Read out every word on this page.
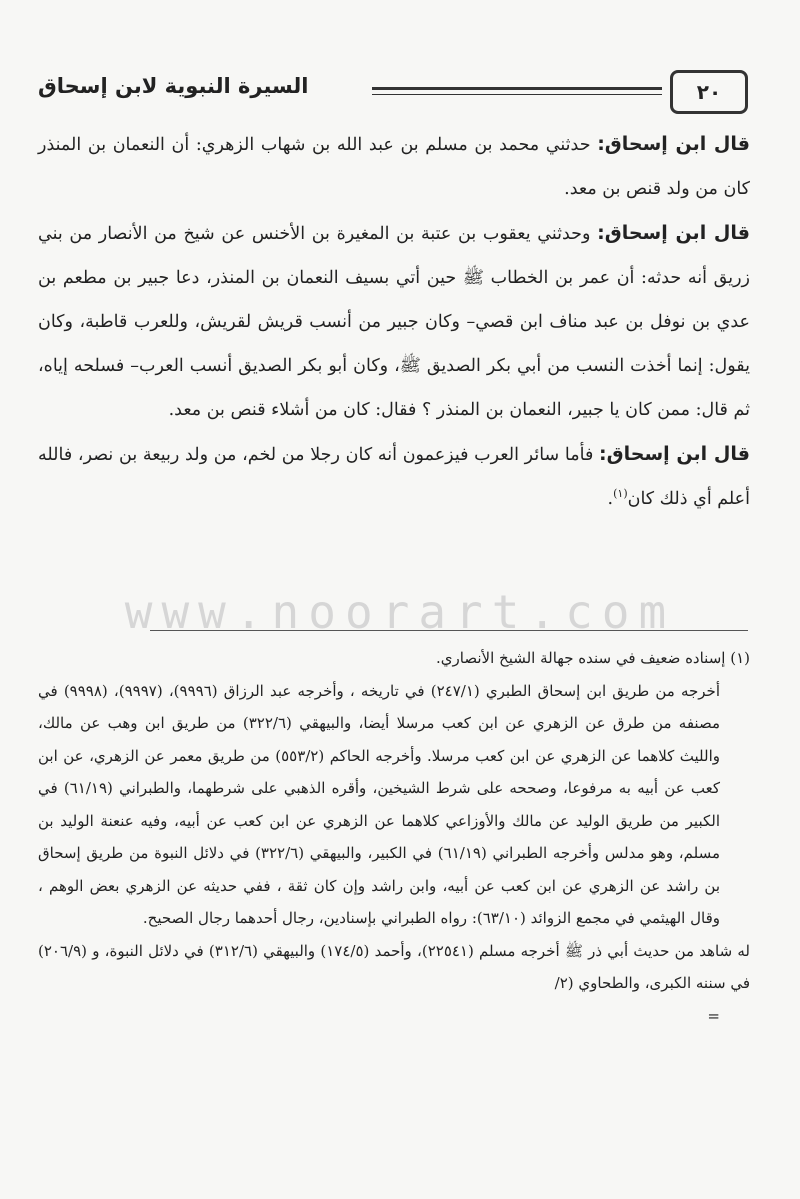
٢٠
السيرة النبوية لابن إسحاق

قال ابن إسحاق: حدثني محمد بن مسلم بن عبد الله بن شهاب الزهري: أن النعمان بن المنذر كان من ولد قنص بن معد.

قال ابن إسحاق: وحدثني يعقوب بن عتبة بن المغيرة بن الأخنس عن شيخ من الأنصار من بني زريق أنه حدثه: أن عمر بن الخطاب ﷺ حين أتي بسيف النعمان بن المنذر، دعا جبير بن مطعم بن عدي بن نوفل بن عبد مناف ابن قصي– وكان جبير من أنسب قريش لقريش، وللعرب قاطبة، وكان يقول: إنما أخذت النسب من أبي بكر الصديق ﷺ، وكان أبو بكر الصديق أنسب العرب– فسلحه إياه، ثم قال: ممن كان يا جبير، النعمان بن المنذر ؟ فقال: كان من أشلاء قنص بن معد.

قال ابن إسحاق: فأما سائر العرب فيزعمون أنه كان رجلا من لخم، من ولد ربيعة بن نصر، فالله أعلم أي ذلك كان$^{(١)}$.

www.noorart.com

(١) إسناده ضعيف في سنده جهالة الشيخ الأنصاري.

أخرجه من طريق ابن إسحاق الطبري (٢٤٧/١) في تاريخه ، وأخرجه عبد الرزاق (٩٩٩٦)، (٩٩٩٧)، (٩٩٩٨) في مصنفه من طرق عن الزهري عن ابن كعب مرسلا أيضا، والبيهقي (٣٢٢/٦) من طريق ابن وهب عن مالك، والليث كلاهما عن الزهري عن ابن كعب مرسلا. وأخرجه الحاكم (٥٥٣/٢) من طريق معمر عن الزهري، عن ابن كعب عن أبيه به مرفوعا، وصححه على شرط الشيخين، وأقره الذهبي على شرطهما، والطبراني (٦١/١٩) في الكبير من طريق الوليد عن مالك والأوزاعي كلاهما عن الزهري عن ابن كعب عن أبيه، وفيه عنعنة الوليد بن مسلم، وهو مدلس وأخرجه الطبراني (٦١/١٩) في الكبير، والبيهقي (٣٢٢/٦) في دلائل النبوة من طريق إسحاق بن راشد عن الزهري عن ابن كعب عن أبيه، وابن راشد وإن كان ثقة ، ففي حديثه عن الزهري بعض الوهم ، وقال الهيثمي في مجمع الزوائد (٦٣/١٠): رواه الطبراني بإسنادين، رجال أحدهما رجال الصحيح.

له شاهد من حديث أبي ذر ﷺ أخرجه مسلم (٢٢٥٤١)، وأحمد (١٧٤/٥) والبيهقي (٣١٢/٦) في دلائل النبوة، و (٢٠٦/٩) في سننه الكبرى، والطحاوي (٢/

=
